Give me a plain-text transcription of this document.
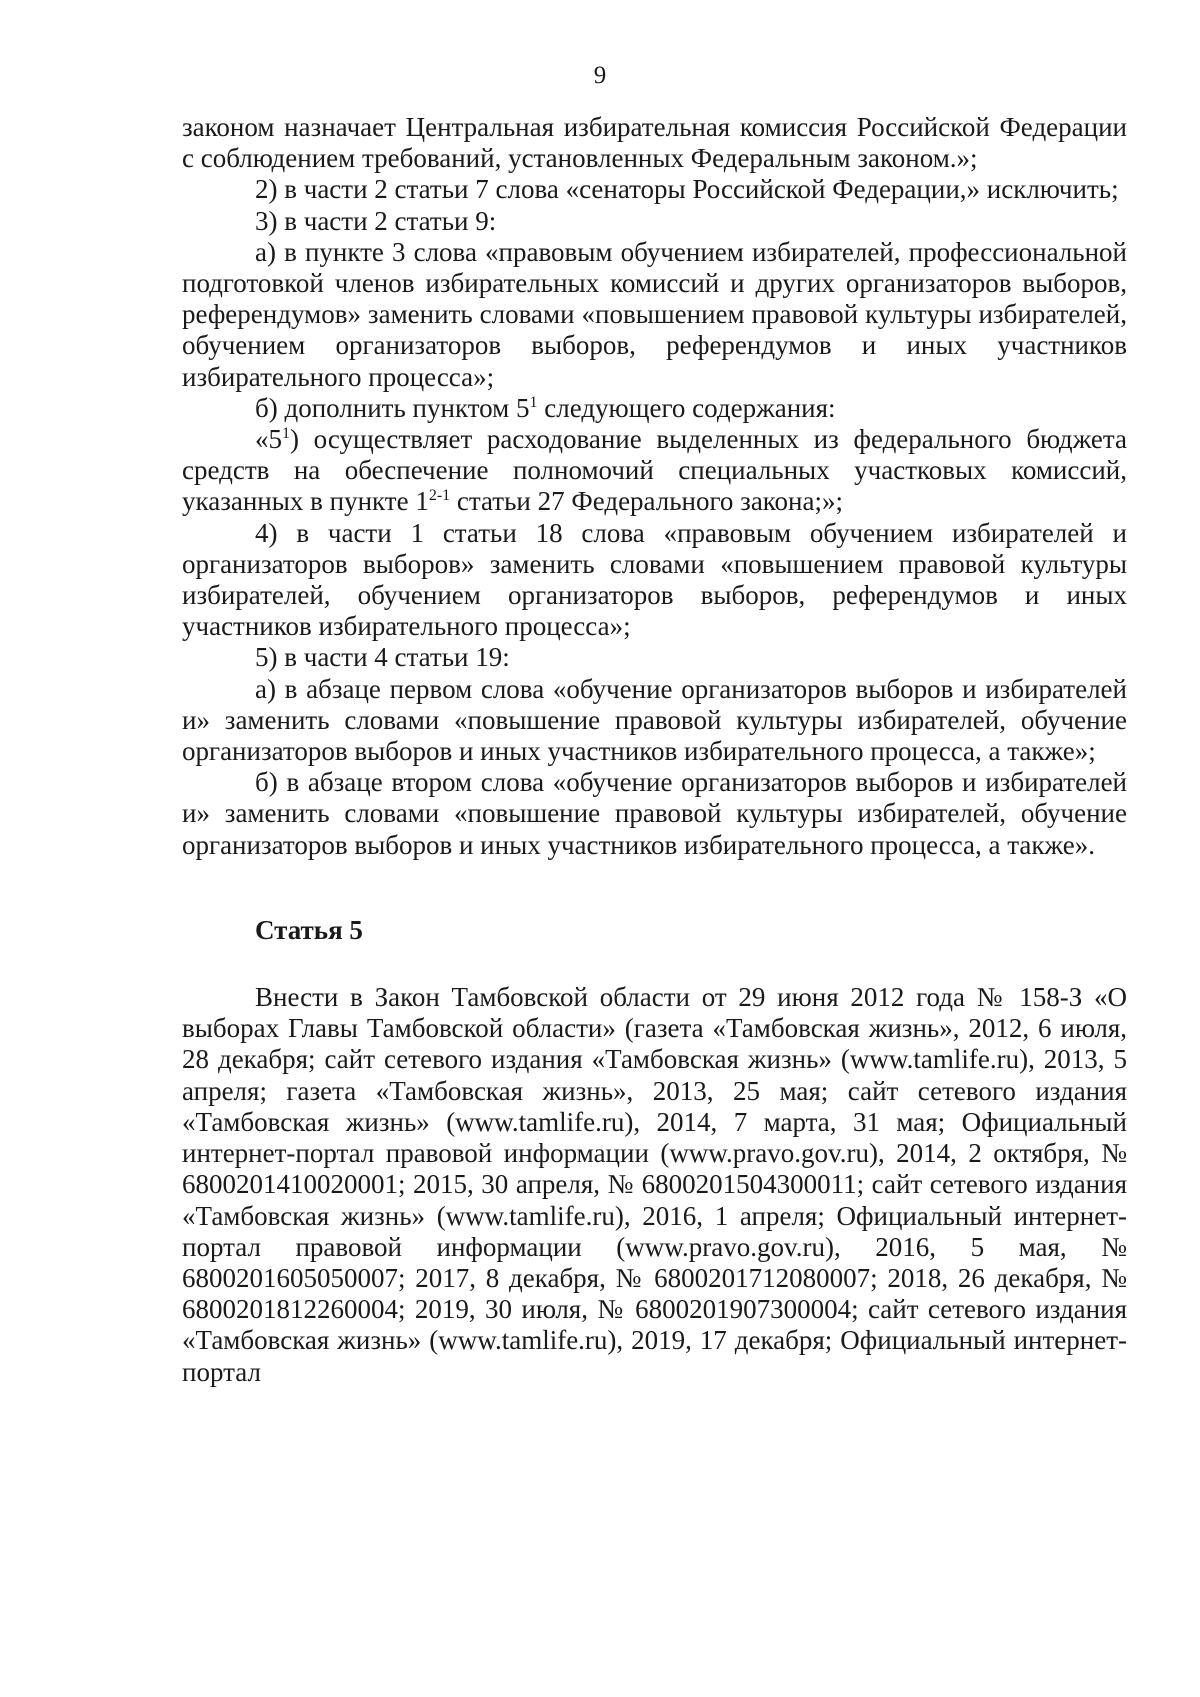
9

законом назначает Центральная избирательная комиссия Российской Федерации с соблюдением требований, установленных Федеральным законом.»;

2) в части 2 статьи 7 слова «сенаторы Российской Федерации,» исключить;

3) в части 2 статьи 9:

а) в пункте 3 слова «правовым обучением избирателей, профессиональной подготовкой членов избирательных комиссий и других организаторов выборов, референдумов» заменить словами «повышением правовой культуры избирателей, обучением организаторов выборов, референдумов и иных участников избирательного процесса»;

б) дополнить пунктом $5^1$ следующего содержания:

«$5^1$) осуществляет расходование выделенных из федерального бюджета средств на обеспечение полномочий специальных участковых комиссий, указанных в пункте 1$^{2-1}$ статьи 27 Федерального закона;»;

4) в части 1 статьи 18 слова «правовым обучением избирателей и организаторов выборов» заменить словами «повышением правовой культуры избирателей, обучением организаторов выборов, референдумов и иных участников избирательного процесса»;

5) в части 4 статьи 19:

а) в абзаце первом слова «обучение организаторов выборов и избирателей и» заменить словами «повышение правовой культуры избирателей, обучение организаторов выборов и иных участников избирательного процесса, а также»;

б) в абзаце втором слова «обучение организаторов выборов и избирателей и» заменить словами «повышение правовой культуры избирателей, обучение организаторов выборов и иных участников избирательного процесса, а также».

Статья 5

Внести в Закон Тамбовской области от 29 июня 2012 года № 158-З «О выборах Главы Тамбовской области» (газета «Тамбовская жизнь», 2012, 6 июля, 28 декабря; сайт сетевого издания «Тамбовская жизнь» (www.tamlife.ru), 2013, 5 апреля; газета «Тамбовская жизнь», 2013, 25 мая; сайт сетевого издания «Тамбовская жизнь» (www.tamlife.ru), 2014, 7 марта, 31 мая; Официальный интернет-портал правовой информации (www.pravo.gov.ru), 2014, 2 октября, № 6800201410020001; 2015, 30 апреля, № 6800201504300011; сайт сетевого издания «Тамбовская жизнь» (www.tamlife.ru), 2016, 1 апреля; Официальный интернет-портал правовой информации (www.pravo.gov.ru), 2016, 5 мая, № 6800201605050007; 2017, 8 декабря, № 6800201712080007; 2018, 26 декабря, № 6800201812260004; 2019, 30 июля, № 6800201907300004; сайт сетевого издания «Тамбовская жизнь» (www.tamlife.ru), 2019, 17 декабря; Официальный интернет-портал
